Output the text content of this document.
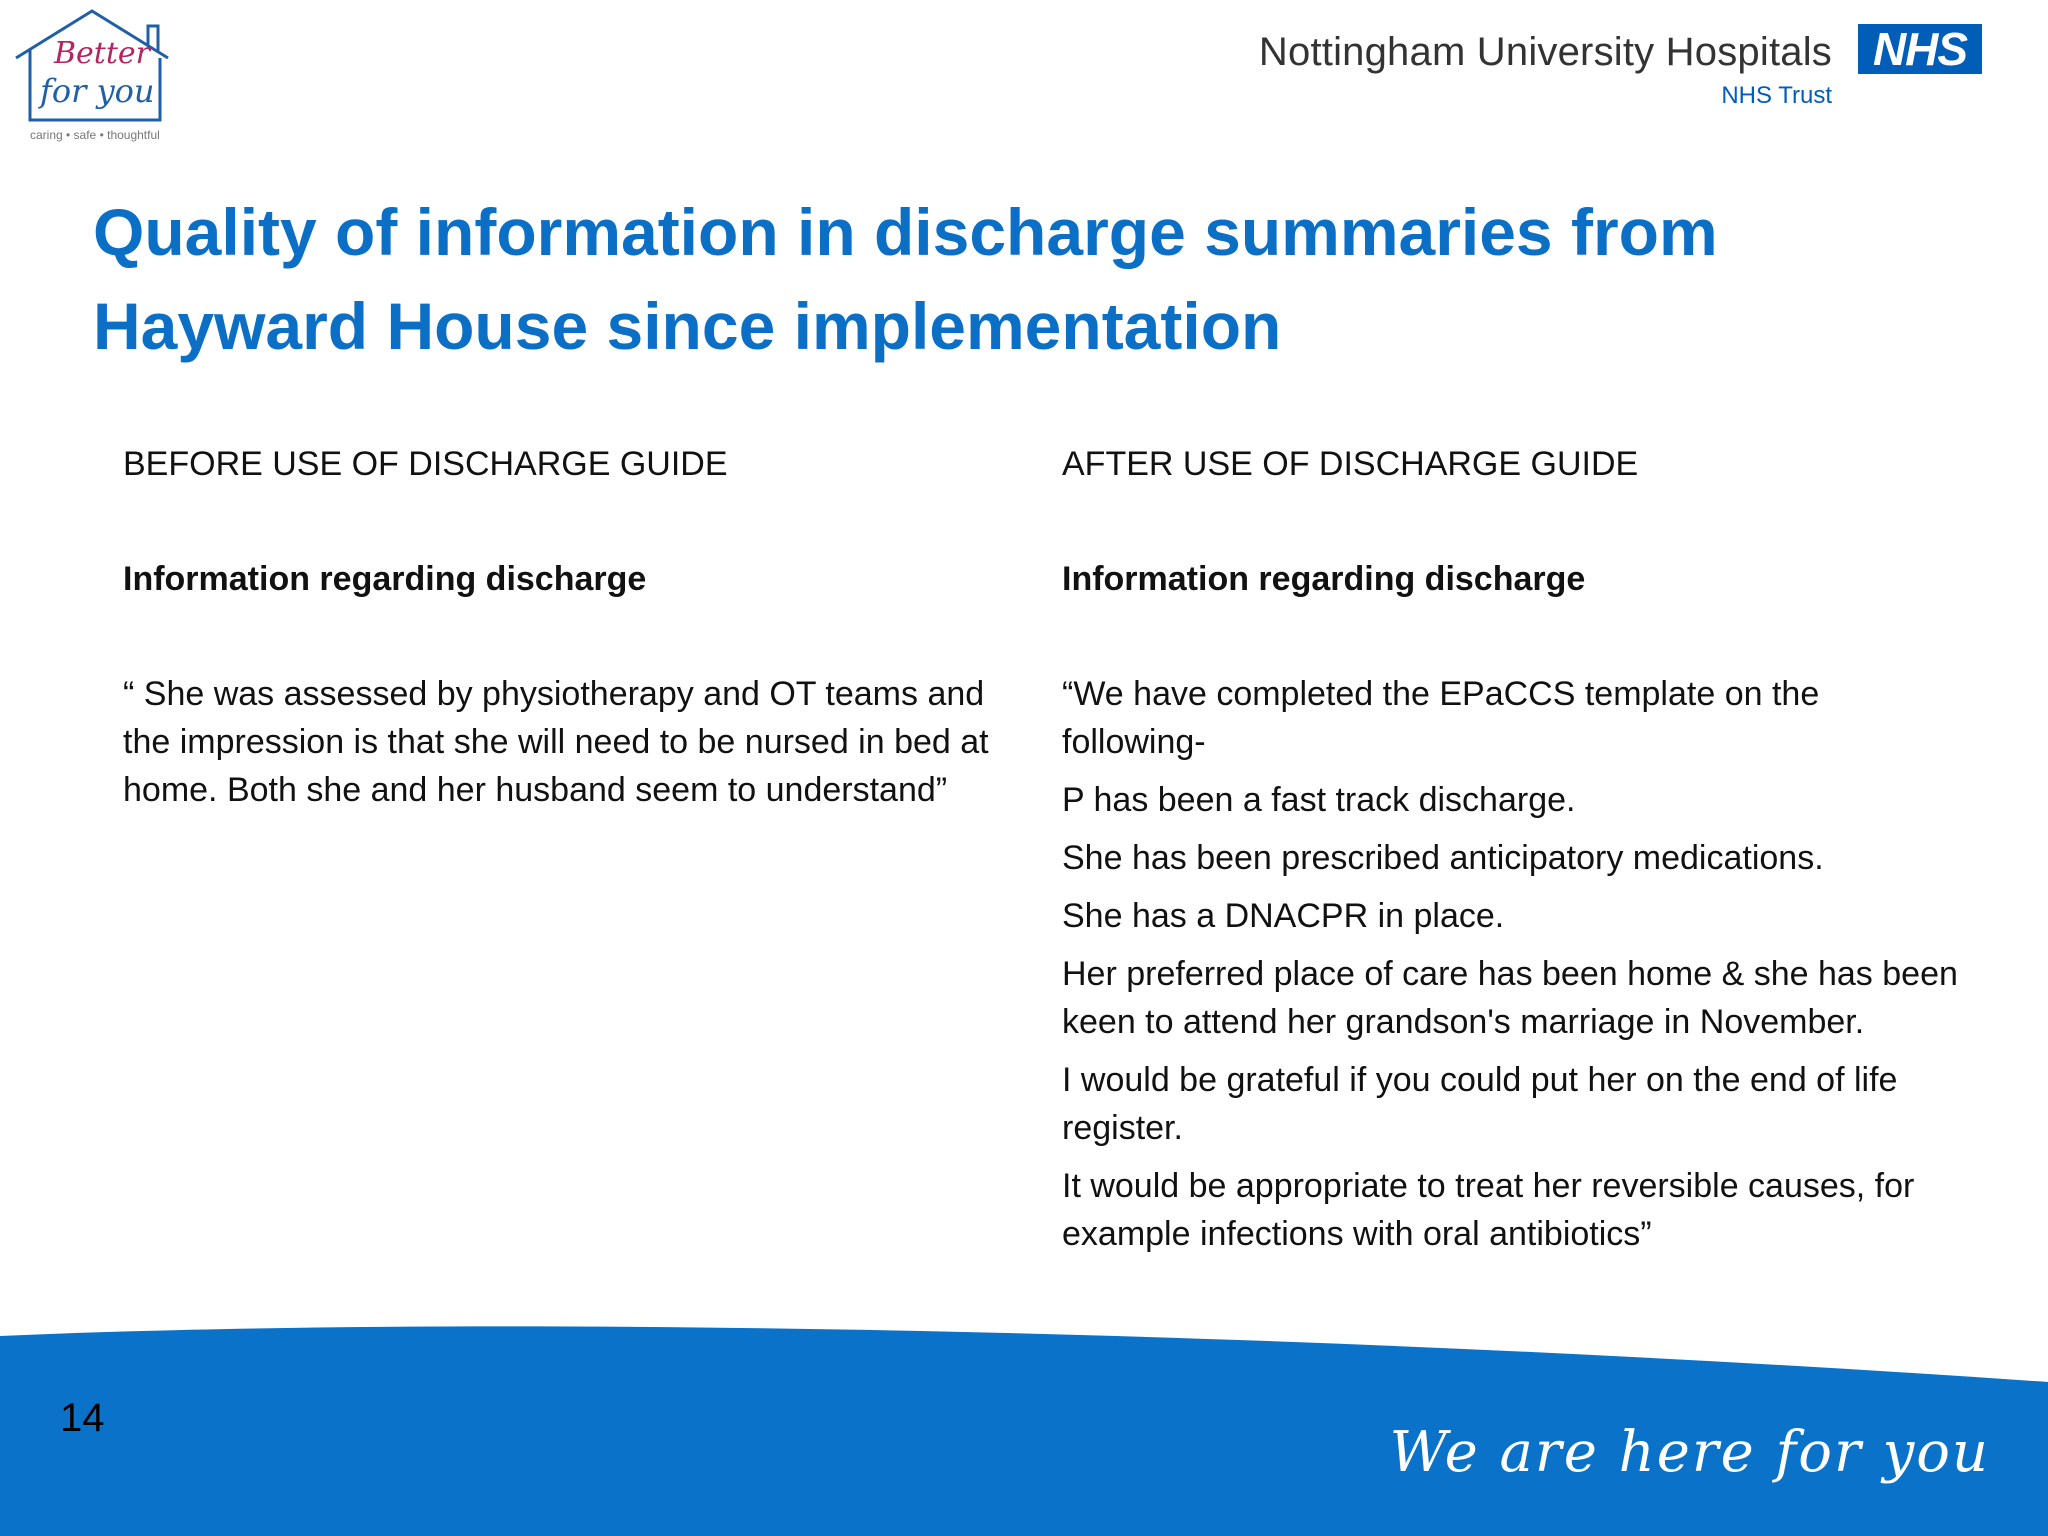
Better
for you
caring • safe • thoughtful
Nottingham University Hospitals NHS
NHS Trust
Quality of information in discharge summaries from Hayward House since implementation

BEFORE USE OF DISCHARGE GUIDE

Information regarding discharge

“ She was assessed by physiotherapy and OT teams and the impression is that she will need to be nursed in bed at home. Both she and her husband seem to understand”

AFTER USE OF DISCHARGE GUIDE

Information regarding discharge

“We have completed the EPaCCS template on the following-

P has been a fast track discharge.

She has been prescribed anticipatory medications.

She has a DNACPR in place.

Her preferred place of care has been home & she has been keen to attend her grandson's marriage in November.

I would be grateful if you could put her on the end of life register.

It would be appropriate to treat her reversible causes, for example infections with oral antibiotics”

14
We are here for you
